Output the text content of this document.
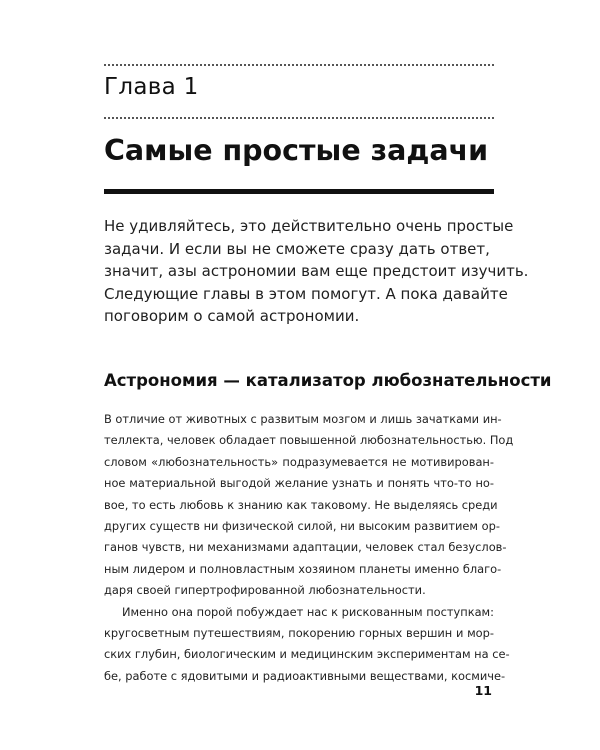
Глава 1
Самые простые задачи
Не удивляйтесь, это действительно очень простые
задачи. И если вы не сможете сразу дать ответ,
значит, азы астрономии вам еще предстоит изучить.
Следующие главы в этом помогут. А пока давайте
поговорим о самой астрономии.
Астрономия — катализатор любознательности
В отличие от животных с развитым мозгом и лишь зачатками ин-
теллекта, человек обладает повышенной любознательностью. Под
словом «любознательность» подразумевается не мотивирован-
ное материальной выгодой желание узнать и понять что-то но-
вое, то есть любовь к знанию как таковому. Не выделяясь среди
других существ ни физической силой, ни высоким развитием ор-
ганов чувств, ни механизмами адаптации, человек стал безуслов-
ным лидером и полновластным хозяином планеты именно благо-
даря своей гипертрофированной любознательности.
Именно она порой побуждает нас к рискованным поступкам:
кругосветным путешествиям, покорению горных вершин и мор-
ских глубин, биологическим и медицинским экспериментам на се-
бе, работе с ядовитыми и радиоактивными веществами, космиче-
11
